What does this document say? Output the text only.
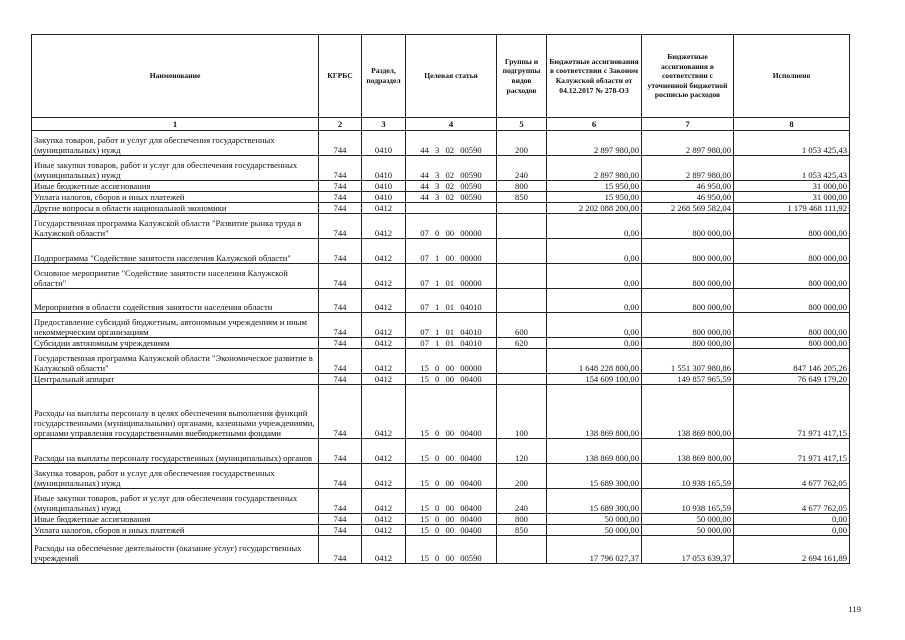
Наименование	КГРБС	Раздел, подраздел	Целевая статья	Группы и подгруппы видов расходов	Бюджетные ассигнования в соответствии с Законом Калужской области от 04.12.2017 № 278-ОЗ	Бюджетные ассигнования в соответствии с уточненной бюджетной росписью расходов	Исполнено
1	2	3	4	5	6	7	8
Закупка товаров, работ и услуг для обеспечения государственных (муниципальных) нужд	744	0410	44 3 02 00590	200	2 897 980,00	2 897 980,00	1 053 425,43
Иные закупки товаров, работ и услуг для обеспечения государственных (муниципальных) нужд	744	0410	44 3 02 00590	240	2 897 980,00	2 897 980,00	1 053 425,43
Иные бюджетные ассигнования	744	0410	44 3 02 00590	800	15 950,00	46 950,00	31 000,00
Уплата налогов, сборов и иных платежей	744	0410	44 3 02 00590	850	15 950,00	46 950,00	31 000,00
Другие вопросы в области национальной экономики	744	0412			2 202 088 200,00	2 268 569 582,04	1 179 468 111,92
Государственная программа Калужской области "Развитие рынка труда в Калужской области"	744	0412	07 0 00 00000		0,00	800 000,00	800 000,00
Подпрограмма "Содействие занятости населения Калужской области"	744	0412	07 1 00 00000		0,00	800 000,00	800 000,00
Основное мероприятие "Содействие занятости населения Калужской области"	744	0412	07 1 01 00000		0,00	800 000,00	800 000,00
Мероприятия в области содействия занятости населения области	744	0412	07 1 01 04010		0,00	800 000,00	800 000,00
Предоставление субсидий бюджетным, автономным учреждениям и иным некоммерческим организациям	744	0412	07 1 01 04010	600	0,00	800 000,00	800 000,00
Субсидии автономным учреждениям	744	0412	07 1 01 04010	620	0,00	800 000,00	800 000,00
Государственная программа Калужской области "Экономическое развитие в Калужской области"	744	0412	15 0 00 00000		1 648 228 800,00	1 551 307 980,86	847 146 205,26
Центральный аппарат	744	0412	15 0 00 00400		154 609 100,00	149 857 965,59	76 649 179,20
Расходы на выплаты персоналу в целях обеспечения выполнения функций государственными (муниципальными) органами, казенными учреждениями, органами управления государственными внебюджетными фондами	744	0412	15 0 00 00400	100	138 869 800,00	138 869 800,00	71 971 417,15
Расходы на выплаты персоналу государственных (муниципальных) органов	744	0412	15 0 00 00400	120	138 869 800,00	138 869 800,00	71 971 417,15
Закупка товаров, работ и услуг для обеспечения государственных (муниципальных) нужд	744	0412	15 0 00 00400	200	15 689 300,00	10 938 165,59	4 677 762,05
Иные закупки товаров, работ и услуг для обеспечения государственных (муниципальных) нужд	744	0412	15 0 00 00400	240	15 689 300,00	10 938 165,59	4 677 762,05
Иные бюджетные ассигнования	744	0412	15 0 00 00400	800	50 000,00	50 000,00	0,00
Уплата налогов, сборов и иных платежей	744	0412	15 0 00 00400	850	50 000,00	50 000,00	0,00
Расходы на обеспечение деятельности (оказание услуг) государственных учреждений	744	0412	15 0 00 00590		17 796 027,37	17 053 639,37	2 694 161,89
119
